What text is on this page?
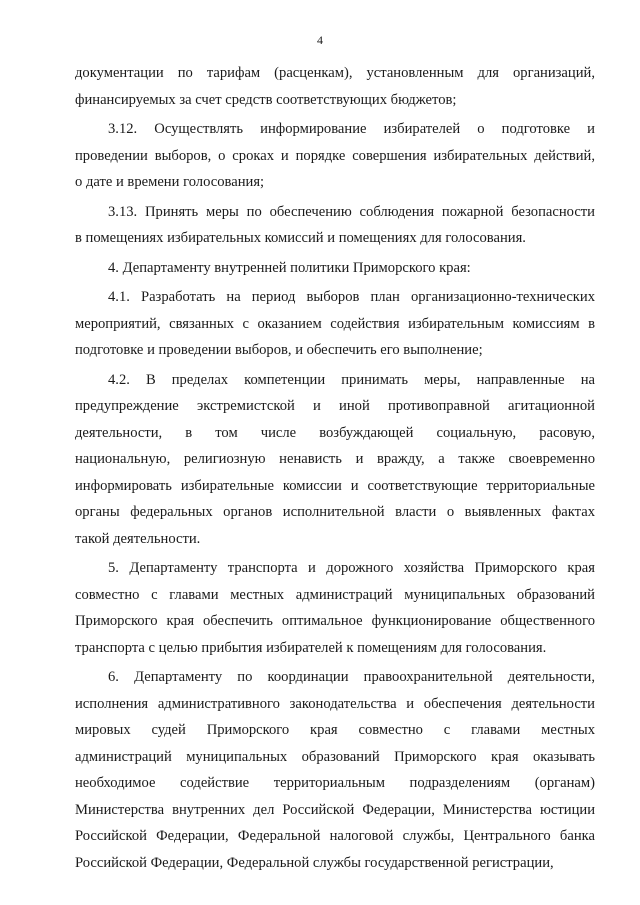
4
документации по тарифам (расценкам), установленным для организаций,
финансируемых за счет средств соответствующих бюджетов;
3.12. Осуществлять информирование избирателей о подготовке и
проведении выборов, о сроках и порядке совершения избирательных действий,
о дате и времени голосования;
3.13. Принять меры по обеспечению соблюдения пожарной безопасности
в помещениях избирательных комиссий и помещениях для голосования.
4. Департаменту внутренней политики Приморского края:
4.1. Разработать на период выборов план организационно-технических
мероприятий, связанных с оказанием содействия избирательным комиссиям в
подготовке и проведении выборов, и обеспечить его выполнение;
4.2. В пределах компетенции принимать меры, направленные на
предупреждение экстремистской и иной противоправной агитационной
деятельности, в том числе возбуждающей социальную, расовую,
национальную, религиозную ненависть и вражду, а также своевременно
информировать избирательные комиссии и соответствующие территориальные
органы федеральных органов исполнительной власти о выявленных фактах
такой деятельности.
5. Департаменту транспорта и дорожного хозяйства Приморского края
совместно с главами местных администраций муниципальных образований
Приморского края обеспечить оптимальное функционирование общественного
транспорта с целью прибытия избирателей к помещениям для голосования.
6. Департаменту по координации правоохранительной деятельности,
исполнения административного законодательства и обеспечения деятельности
мировых судей Приморского края совместно с главами местных
администраций муниципальных образований Приморского края оказывать
необходимое содействие территориальным подразделениям (органам)
Министерства внутренних дел Российской Федерации, Министерства юстиции
Российской Федерации, Федеральной налоговой службы, Центрального банка
Российской Федерации, Федеральной службы государственной регистрации,
